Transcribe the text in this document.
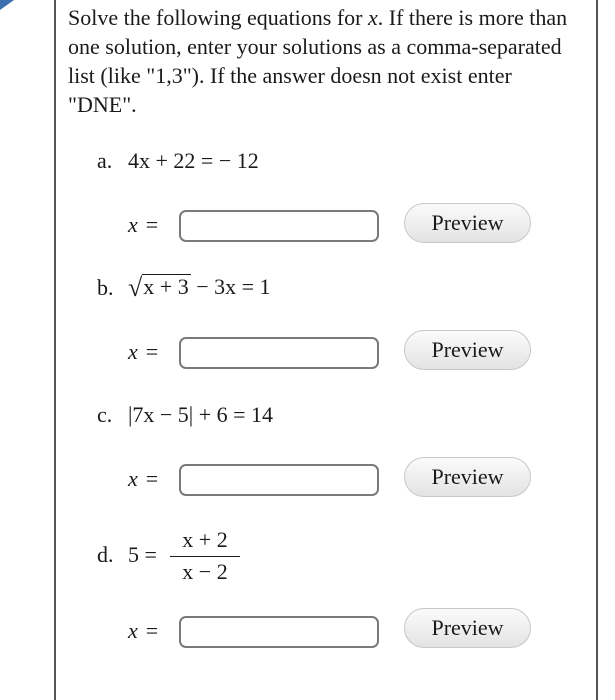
Solve the following equations for x. If there is more than one solution, enter your solutions as a comma-separated list (like "1,3"). If the answer doesn not exist enter "DNE".
a. 4x + 22 = − 12
x =	Preview
b. √x + 3 − 3x = 1
x =	Preview
c. |7x − 5| + 6 = 14
x =	Preview
d. $5 = \frac{x + 2}{x - 2}$
x =	Preview
